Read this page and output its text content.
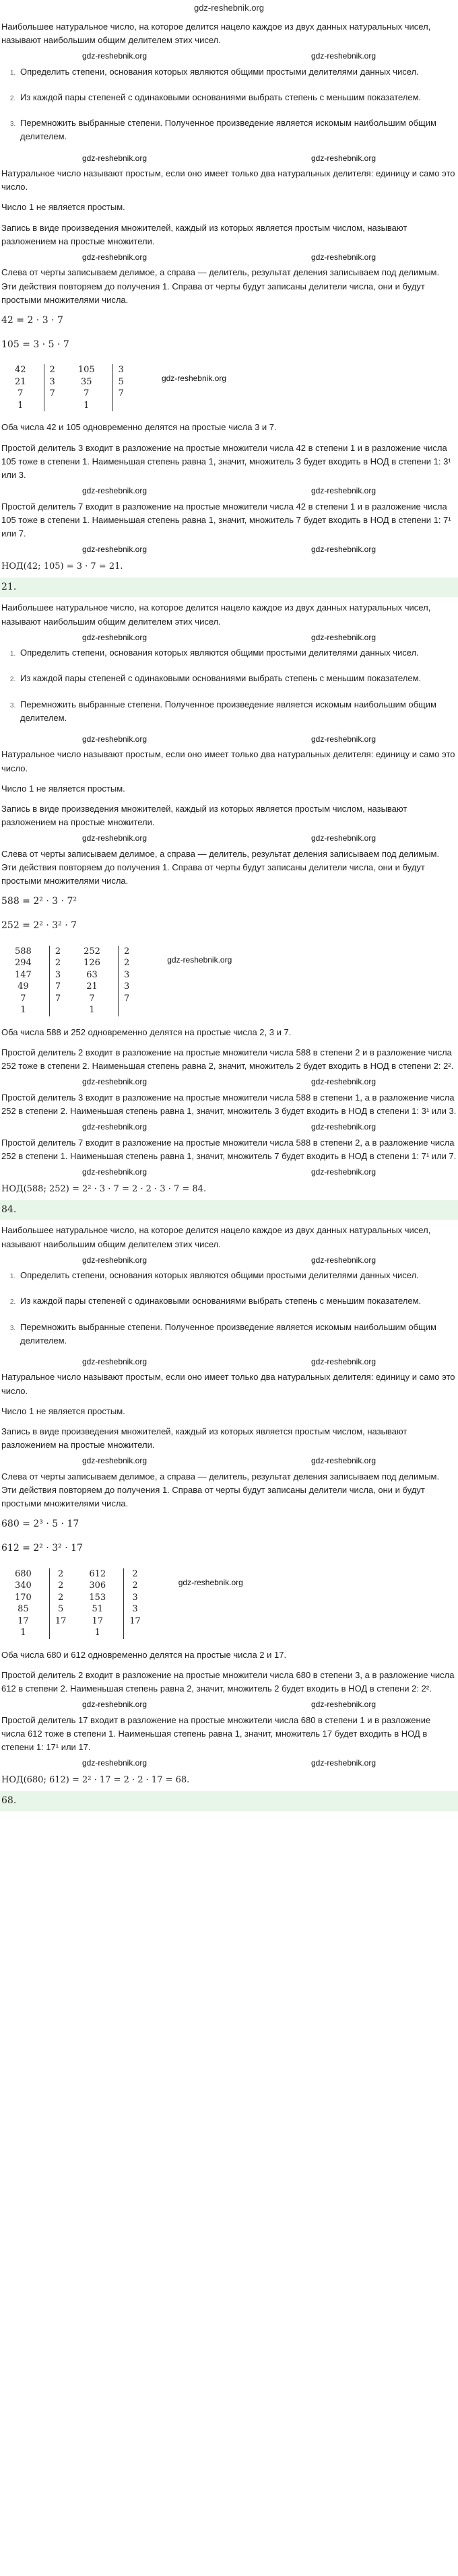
gdz-reshebnik.org
Наибольшее натуральное число, на которое делится нацело каждое из двух данных натуральных чисел, называют наибольшим общим делителем этих чисел.
gdz-reshebnik.org	gdz-reshebnik.org
1. Определить степени, основания которых являются общими простыми делителями данных чисел.
2. Из каждой пары степеней с одинаковыми основаниями выбрать степень с меньшим показателем.
3. Перемножить выбранные степени. Полученное произведение является искомым наибольшим общим делителем.
gdz-reshebnik.org	gdz-reshebnik.org
Натуральное число называют простым, если оно имеет только два натуральных делителя: единицу и само это число.
Число 1 не является простым.
Запись в виде произведения множителей, каждый из которых является простым числом, называют разложением на простые множители.
gdz-reshebnik.org	gdz-reshebnik.org
Слева от черты записываем делимое, а справа — делитель, результат деления записываем под делимым. Эти действия повторяем до получения 1. Справа от черты будут записаны делители числа, они и будут простыми множителями числа.
42 = 2 · 3 · 7
105 = 3 · 5 · 7
42	2	105	3
21	3	35	5
7	7	7	7
1		1	
gdz-reshebnik.org
Оба числа 42 и 105 одновременно делятся на простые числа 3 и 7.
Простой делитель 3 входит в разложение на простые множители числа 42 в степени 1 и в разложение числа 105 тоже в степени 1. Наименьшая степень равна 1, значит, множитель 3 будет входить в НОД в степени 1: 3¹ или 3.
gdz-reshebnik.org	gdz-reshebnik.org
Простой делитель 7 входит в разложение на простые множители числа 42 в степени 1 и в разложение числа 105 тоже в степени 1. Наименьшая степень равна 1, значит, множитель 7 будет входить в НОД в степени 1: 7¹ или 7.
gdz-reshebnik.org	gdz-reshebnik.org
НОД(42; 105) = 3 · 7 = 21.
21.
Наибольшее натуральное число, на которое делится нацело каждое из двух данных натуральных чисел, называют наибольшим общим делителем этих чисел.
gdz-reshebnik.org	gdz-reshebnik.org
1. Определить степени, основания которых являются общими простыми делителями данных чисел.
2. Из каждой пары степеней с одинаковыми основаниями выбрать степень с меньшим показателем.
3. Перемножить выбранные степени. Полученное произведение является искомым наибольшим общим делителем.
gdz-reshebnik.org	gdz-reshebnik.org
Натуральное число называют простым, если оно имеет только два натуральных делителя: единицу и само это число.
Число 1 не является простым.
Запись в виде произведения множителей, каждый из которых является простым числом, называют разложением на простые множители.
gdz-reshebnik.org	gdz-reshebnik.org
Слева от черты записываем делимое, а справа — делитель, результат деления записываем под делимым. Эти действия повторяем до получения 1. Справа от черты будут записаны делители числа, они и будут простыми множителями числа.
588 = 2² · 3 · 7²
252 = 2² · 3² · 7
588	2	252	2
294	2	126	2
147	3	63	3
49	7	21	3
7	7	7	7
1		1	
gdz-reshebnik.org
Оба числа 588 и 252 одновременно делятся на простые числа 2, 3 и 7.
Простой делитель 2 входит в разложение на простые множители числа 588 в степени 2 и в разложение числа 252 тоже в степени 2. Наименьшая степень равна 2, значит, множитель 2 будет входить в НОД в степени 2: 2².
gdz-reshebnik.org	gdz-reshebnik.org
Простой делитель 3 входит в разложение на простые множители числа 588 в степени 1, а в разложение числа 252 в степени 2. Наименьшая степень равна 1, значит, множитель 3 будет входить в НОД в степени 1: 3¹ или 3.
gdz-reshebnik.org	gdz-reshebnik.org
Простой делитель 7 входит в разложение на простые множители числа 588 в степени 2, а в разложение числа 252 в степени 1. Наименьшая степень равна 1, значит, множитель 7 будет входить в НОД в степени 1: 7¹ или 7.
gdz-reshebnik.org	gdz-reshebnik.org
НОД(588; 252) = 2² · 3 · 7 = 2 · 2 · 3 · 7 = 84.
84.
Наибольшее натуральное число, на которое делится нацело каждое из двух данных натуральных чисел, называют наибольшим общим делителем этих чисел.
gdz-reshebnik.org	gdz-reshebnik.org
1. Определить степени, основания которых являются общими простыми делителями данных чисел.
2. Из каждой пары степеней с одинаковыми основаниями выбрать степень с меньшим показателем.
3. Перемножить выбранные степени. Полученное произведение является искомым наибольшим общим делителем.
gdz-reshebnik.org	gdz-reshebnik.org
Натуральное число называют простым, если оно имеет только два натуральных делителя: единицу и само это число.
Число 1 не является простым.
Запись в виде произведения множителей, каждый из которых является простым числом, называют разложением на простые множители.
gdz-reshebnik.org	gdz-reshebnik.org
Слева от черты записываем делимое, а справа — делитель, результат деления записываем под делимым. Эти действия повторяем до получения 1. Справа от черты будут записаны делители числа, они и будут простыми множителями числа.
680 = 2³ · 5 · 17
612 = 2² · 3² · 17
680	2	612	2
340	2	306	2
170	2	153	3
85	5	51	3
17	17	17	17
1		1	
gdz-reshebnik.org
Оба числа 680 и 612 одновременно делятся на простые числа 2 и 17.
Простой делитель 2 входит в разложение на простые множители числа 680 в степени 3, а в разложение числа 612 в степени 2. Наименьшая степень равна 2, значит, множитель 2 будет входить в НОД в степени 2: 2².
gdz-reshebnik.org	gdz-reshebnik.org
Простой делитель 17 входит в разложение на простые множители числа 680 в степени 1 и в разложение числа 612 тоже в степени 1. Наименьшая степень равна 1, значит, множитель 17 будет входить в НОД в степени 1: 17¹ или 17.
gdz-reshebnik.org	gdz-reshebnik.org
НОД(680; 612) = 2² · 17 = 2 · 2 · 17 = 68.
68.
